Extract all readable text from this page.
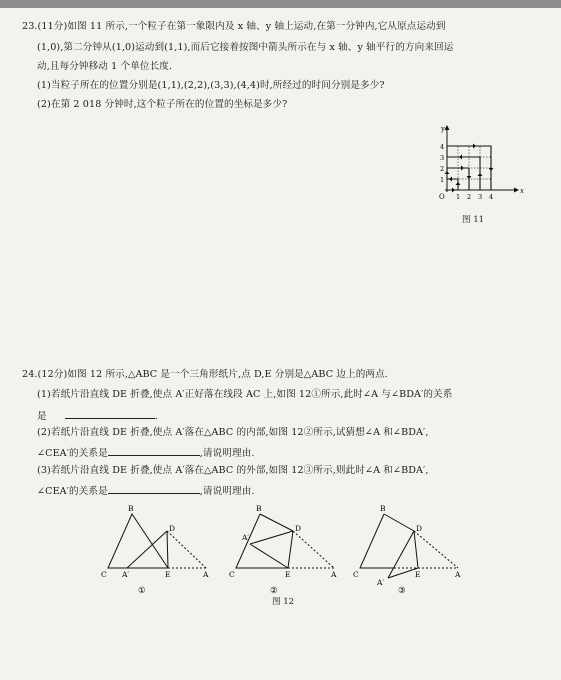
23.(11分)如图 11 所示,一个粒子在第一象限内及 x 轴、y 轴上运动,在第一分钟内,它从原点运动到
(1,0),第二分钟从(1,0)运动到(1,1),而后它接着按图中箭头所示在与 x 轴、y 轴平行的方向来回运
动,且每分钟移动 1 个单位长度.
(1)当粒子所在的位置分别是(1,1),(2,2),(3,3),(4,4)时,所经过的时间分别是多少?
(2)在第 2 018 分钟时,这个粒子所在的位置的坐标是多少?
y
x
O 1 2 3 4
1
2
3
4
图 11
24.(12分)如图 12 所示,△ABC 是一个三角形纸片,点 D,E 分别是△ABC 边上的两点.
(1)若纸片沿直线 DE 折叠,使点 A′正好落在线段 AC 上,如图 12①所示,此时∠A 与∠BDA′的关系
是	.
(2)若纸片沿直线 DE 折叠,使点 A′落在△ABC 的内部,如图 12②所示,试猜想∠A 和∠BDA′,
∠CEA′的关系是	,请说明理由.
(3)若纸片沿直线 DE 折叠,使点 A′落在△ABC 的外部,如图 12③所示,则此时∠A 和∠BDA′,
∠CEA′的关系是	,请说明理由.
B
D
C A′	E	A
①
B
D
C
A′
E	A
②
B
D
C
A′
E	A
③
图 12
